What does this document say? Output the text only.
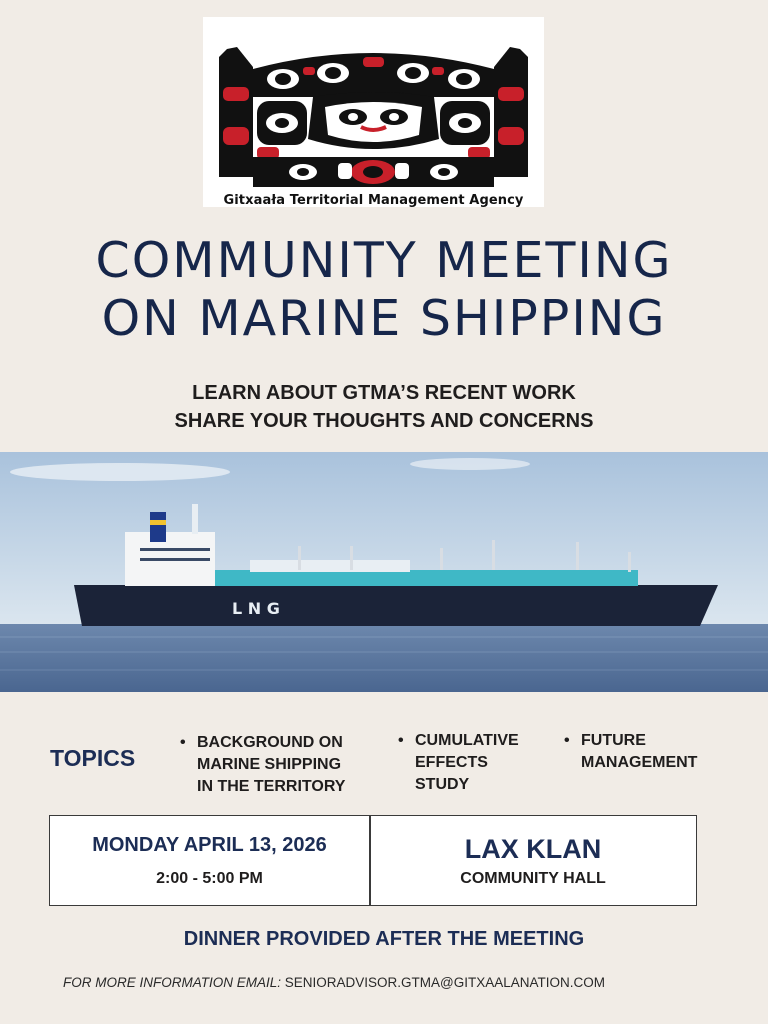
Gitxaała Territorial Management Agency
COMMUNITY MEETING
ON MARINE SHIPPING
LEARN ABOUT GTMA’S RECENT WORK
SHARE YOUR THOUGHTS AND CONCERNS
L N G
TOPICS
• BACKGROUND ON
MARINE SHIPPING
IN THE TERRITORY
• CUMULATIVE
EFFECTS
STUDY
• FUTURE
MANAGEMENT
MONDAY APRIL 13, 2026
2:00 - 5:00 PM
LAX KLAN
COMMUNITY HALL
DINNER PROVIDED AFTER THE MEETING
FOR MORE INFORMATION EMAIL: SENIORADVISOR.GTMA@GITXAALANATION.COM
